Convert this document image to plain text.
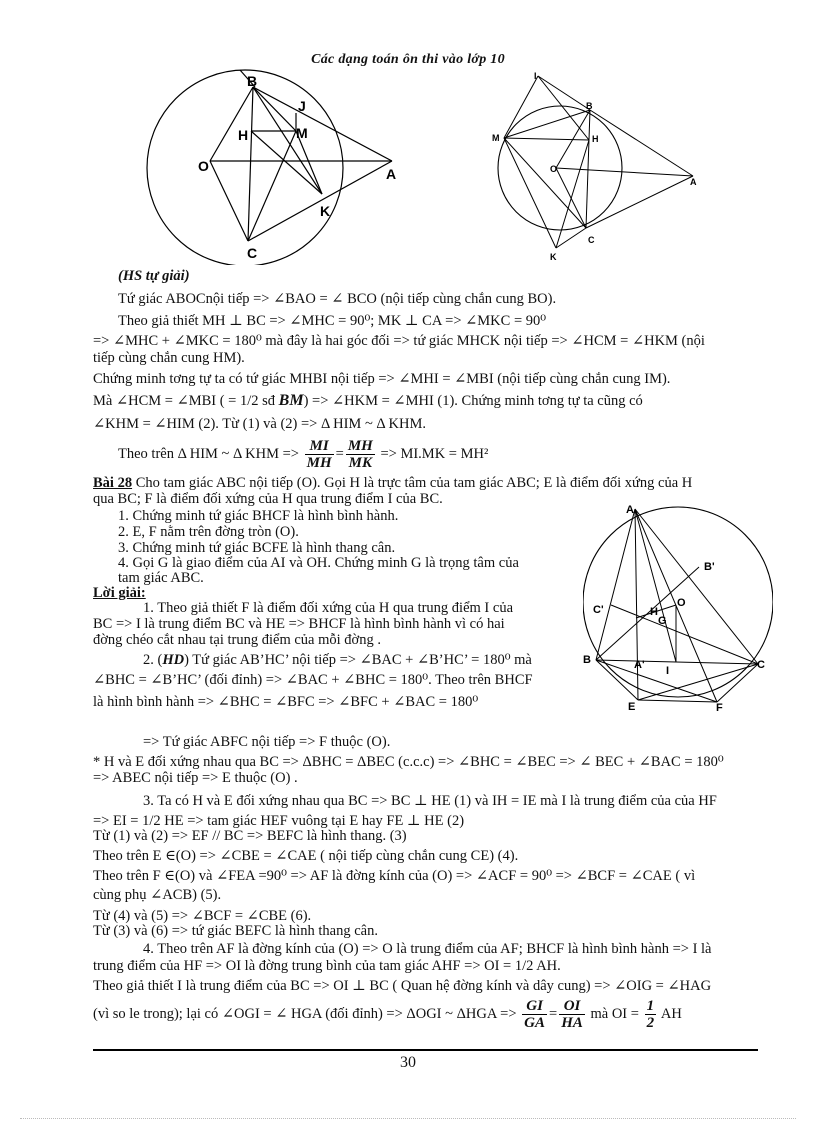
Các dạng toán ôn thi vào lớp 10
B
J
H	M
O	A
K
C
I
B
H
M
O
A
C
K
A
B'
C'	H
O
G
B	A' I	C
E	F
(HS tự giải)
Tứ giác ABOCnội tiếp => ∠BAO = ∠ BCO (nội tiếp cùng chắn cung BO).
Theo giả thiết MH ⊥ BC => ∠MHC = 90⁰; MK ⊥ CA => ∠MKC = 90⁰
=> ∠MHC + ∠MKC = 180⁰ mà đây là hai góc đối => tứ giác MHCK nội tiếp => ∠HCM = ∠HKM (nội
tiếp cùng chắn cung HM).
Chứng minh tơng tự ta có tứ giác MHBI nội tiếp => ∠MHI = ∠MBI (nội tiếp cùng chắn cung IM).
Mà ∠HCM = ∠MBI ( = 1/2 sđ BM) => ∠HKM = ∠MHI (1). Chứng minh tơng tự ta cũng có
∠KHM = ∠HIM (2). Từ (1) và (2) => Δ HIM ~ Δ KHM.
Theo trên Δ HIM ~ Δ KHM => $\frac{MI}{MH} = \frac{MH}{MK} => MI.MK = MH^2$
Bài 28 Cho tam giác ABC nội tiếp (O). Gọi H là trực tâm của tam giác ABC; E là điểm đối xứng của H
qua BC; F là điểm đối xứng của H qua trung điểm I của BC.
1. Chứng minh tứ giác BHCF là hình bình hành.
2. E, F nằm trên đờng tròn (O).
3. Chứng minh tứ giác BCFE là hình thang cân.
4. Gọi G là giao điểm của AI và OH. Chứng minh G là trọng tâm của
tam giác ABC.
Lời giải:
1. Theo giả thiết F là điểm đối xứng của H qua trung điểm I của
BC => I là trung điểm BC và HE => BHCF là hình bình hành vì có hai
đờng chéo cắt nhau tại trung điểm của mỗi đờng .
2. (HD) Tứ giác AB’HC’ nội tiếp => ∠BAC + ∠B’HC’ = 180⁰ mà
∠BHC = ∠B’HC’ (đối đỉnh) => ∠BAC + ∠BHC = 180⁰. Theo trên BHCF
là hình bình hành => ∠BHC = ∠BFC => ∠BFC + ∠BAC = 180⁰
=> Tứ giác ABFC nội tiếp => F thuộc (O).
* H và E đối xứng nhau qua BC => ΔBHC = ΔBEC (c.c.c) => ∠BHC = ∠BEC => ∠ BEC + ∠BAC = 180⁰
=> ABEC nội tiếp => E thuộc (O) .
3. Ta có H và E đối xứng nhau qua BC => BC ⊥ HE (1) và IH = IE mà I là trung điểm của của HF
=> EI = 1/2 HE => tam giác HEF vuông tại E hay FE ⊥ HE (2)
Từ (1) và (2) => EF // BC => BEFC là hình thang. (3)
Theo trên E ∈(O) => ∠CBE = ∠CAE ( nội tiếp cùng chắn cung CE) (4).
Theo trên F ∈(O) và ∠FEA =90⁰ => AF là đờng kính của (O) => ∠ACF = 90⁰ => ∠BCF = ∠CAE ( vì
cùng phụ ∠ACB) (5).
Từ (4) và (5) => ∠BCF = ∠CBE (6).
Từ (3) và (6) => tứ giác BEFC là hình thang cân.
4. Theo trên AF là đờng kính của (O) => O là trung điểm của AF; BHCF là hình bình hành => I là
trung điểm của HF => OI là đờng trung bình của tam giác AHF => OI = 1/2 AH.
Theo giả thiết I là trung điểm của BC => OI ⊥ BC ( Quan hệ đờng kính và dây cung) => ∠OIG = ∠HAG
(vì so le trong); lại có ∠OGI = ∠ HGA (đối đỉnh) => ΔOGI ~ $\Delta HGA => \frac{GI}{GA} = \frac{OI}{HA}$ mà OI = $\frac{1}{2}$ AH
30
